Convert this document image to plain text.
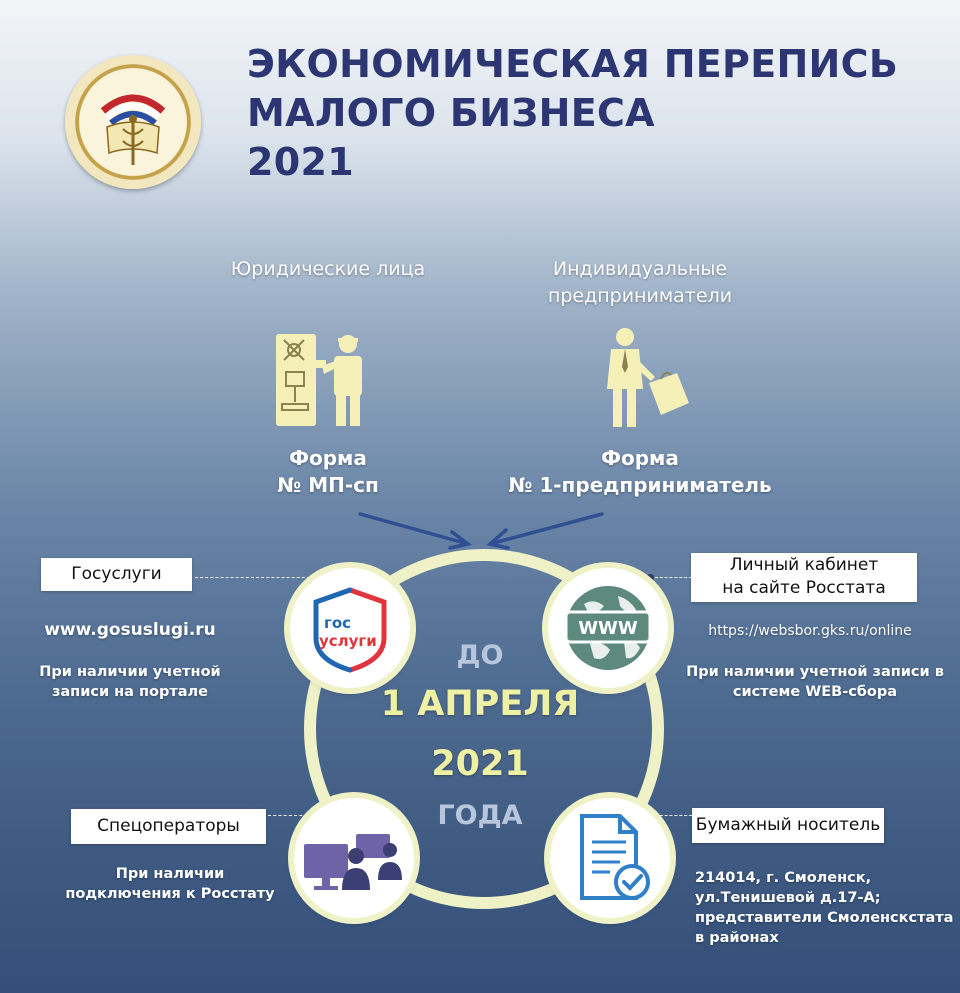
ЭКОНОМИЧЕСКАЯ ПЕРЕПИСЬ
МАЛОГО БИЗНЕСА
2021
Юридические лица	Индивидуальные
предприниматели
Форма
№ МП-сп
Форма
№ 1-предприниматель
ДО
1 АПРЕЛЯ
2021
ГОДА
гос
услуги
WWW
Госуслуги
www.gosuslugi.ru
При наличии учетной
записи на портале
Личный кабинет
на сайте Росстата
https://websbor.gks.ru/online
При наличии учетной записи в
системе WEB-сбора
Спецоператоры
При наличии
подключения к Росстату
Бумажный носитель
214014, г. Смоленск,
ул.Тенишевой д.17-А;
представители Смоленскстата
в районах
